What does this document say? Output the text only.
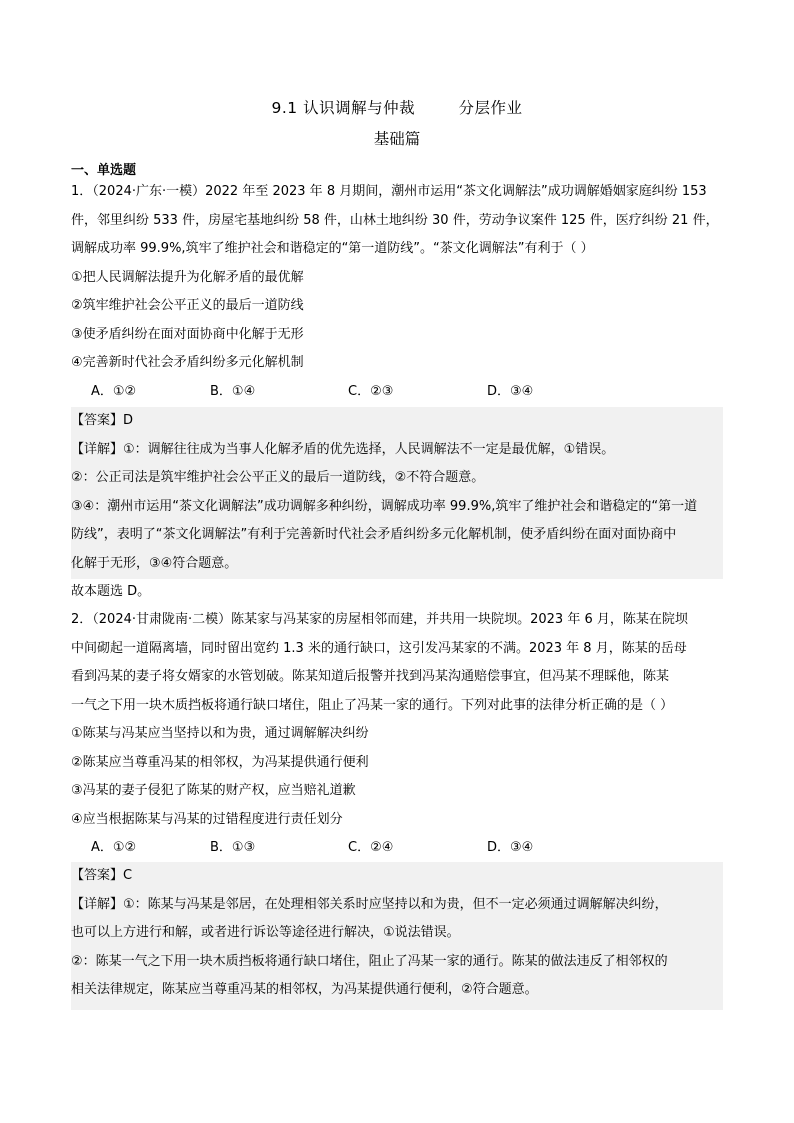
9.1 认识调解与仲裁        分层作业
基础篇
一、单选题
1．（2024·广东·一模）2022 年至 2023 年 8 月期间，潮州市运用“茶文化调解法”成功调解婚姻家庭纠纷 153
件，邻里纠纷 533 件，房屋宅基地纠纷 58 件，山林土地纠纷 30 件，劳动争议案件 125 件，医疗纠纷 21 件，
调解成功率 99.9%,筑牢了维护社会和谐稳定的“第一道防线”。“茶文化调解法”有利于（ ）
①把人民调解法提升为化解矛盾的最优解
②筑牢维护社会公平正义的最后一道防线
③使矛盾纠纷在面对面协商中化解于无形
④完善新时代社会矛盾纠纷多元化解机制
A．①②	B．①④	C．②③	D．③④
【答案】D
【详解】①：调解往往成为当事人化解矛盾的优先选择，人民调解法不一定是最优解，①错误。
②：公正司法是筑牢维护社会公平正义的最后一道防线，②不符合题意。
③④：潮州市运用“茶文化调解法”成功调解多种纠纷，调解成功率 99.9%,筑牢了维护社会和谐稳定的“第一道
防线”，表明了“茶文化调解法”有利于完善新时代社会矛盾纠纷多元化解机制，使矛盾纠纷在面对面协商中
化解于无形，③④符合题意。
故本题选 D。
2．（2024·甘肃陇南·二模）陈某家与冯某家的房屋相邻而建，并共用一块院坝。2023 年 6 月，陈某在院坝
中间砌起一道隔离墙，同时留出宽约 1.3 米的通行缺口，这引发冯某家的不满。2023 年 8 月，陈某的岳母
看到冯某的妻子将女婿家的水管划破。陈某知道后报警并找到冯某沟通赔偿事宜，但冯某不理睬他，陈某
一气之下用一块木质挡板将通行缺口堵住，阻止了冯某一家的通行。下列对此事的法律分析正确的是（ ）
①陈某与冯某应当坚持以和为贵，通过调解解决纠纷
②陈某应当尊重冯某的相邻权，为冯某提供通行便利
③冯某的妻子侵犯了陈某的财产权，应当赔礼道歉
④应当根据陈某与冯某的过错程度进行责任划分
A．①②	B．①③	C．②④	D．③④
【答案】C
【详解】①：陈某与冯某是邻居，在处理相邻关系时应坚持以和为贵，但不一定必须通过调解解决纠纷，
也可以上方进行和解，或者进行诉讼等途径进行解决，①说法错误。
②：陈某一气之下用一块木质挡板将通行缺口堵住，阻止了冯某一家的通行。陈某的做法违反了相邻权的
相关法律规定，陈某应当尊重冯某的相邻权，为冯某提供通行便利，②符合题意。
